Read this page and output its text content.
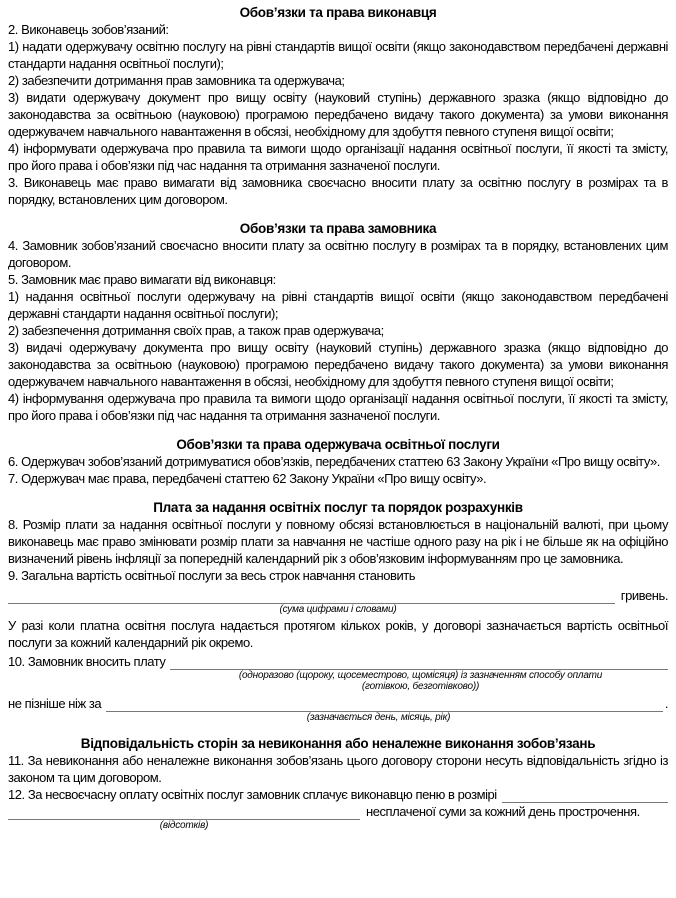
Обов’язки та права виконавця

2. Виконавець зобов’язаний:

1) надати одержувачу освітню послугу на рівні стандартів вищої освіти (якщо законодавством передбачені державні стандарти надання освітньої послуги);

2) забезпечити дотримання прав замовника та одержувача;

3) видати одержувачу документ про вищу освіту (науковий ступінь) державного зразка (якщо відповідно до законодавства за освітньою (науковою) програмою передбачено видачу такого документа) за умови виконання одержувачем навчального навантаження в обсязі, необхідному для здобуття певного ступеня вищої освіти;

4) інформувати одержувача про правила та вимоги щодо організації надання освітньої послуги, її якості та змісту, про його права і обов’язки під час надання та отримання зазначеної послуги.

3. Виконавець має право вимагати від замовника своєчасно вносити плату за освітню послугу в розмірах та в порядку, встановлених цим договором.

Обов’язки та права замовника

4. Замовник зобов’язаний своєчасно вносити плату за освітню послугу в розмірах та в порядку, встановлених цим договором.

5. Замовник має право вимагати від виконавця:

1) надання освітньої послуги одержувачу на рівні стандартів вищої освіти (якщо законодавством передбачені державні стандарти надання освітньої послуги);

2) забезпечення дотримання своїх прав, а також прав одержувача;

3) видачі одержувачу документа про вищу освіту (науковий ступінь) державного зразка (якщо відповідно до законодавства за освітньою (науковою) програмою передбачено видачу такого документа) за умови виконання одержувачем навчального навантаження в обсязі, необхідному для здобуття певного ступеня вищої освіти;

4) інформування одержувача про правила та вимоги щодо організації надання освітньої послуги, її якості та змісту, про його права і обов’язки під час надання та отримання зазначеної послуги.

Обов’язки та права одержувача освітньої послуги

6. Одержувач зобов’язаний дотримуватися обов’язків, передбачених статтею 63 Закону України «Про вищу освіту».

7. Одержувач має права, передбачені статтею 62 Закону України «Про вищу освіту».

Плата за надання освітніх послуг та порядок розрахунків

8. Розмір плати за надання освітньої послуги у повному обсязі встановлюється в національній валюті, при цьому виконавець має право змінювати розмір плати за навчання не частіше одного разу на рік і не більше як на офіційно визначений рівень інфляції за попередній календарний рік з обов’язковим інформуванням про це замовника.

9. Загальна вартість освітньої послуги за весь строк навчання становить

гривень.
(сума цифрами і словами)

У разі коли платна освітня послуга надається протягом кількох років, у договорі зазначається вартість освітньої послуги за кожний календарний рік окремо.

10. Замовник вносить плату
(одноразово (щороку, щосеместрово, щомісяця) із зазначенням способу оплати
(готівкою, безготівково))
не пізніше ніж за	.
(зазначається день, місяць, рік)
Відповідальність сторін за невиконання або неналежне виконання зобов’язань

11. За невиконання або неналежне виконання зобов’язань цього договору сторони несуть відповідальність згідно із законом та цим договором.

12. За несвоєчасну оплату освітніх послуг замовник сплачує виконавцю пеню в розмірі
несплаченої суми за кожний день прострочення.
(відсотків)
